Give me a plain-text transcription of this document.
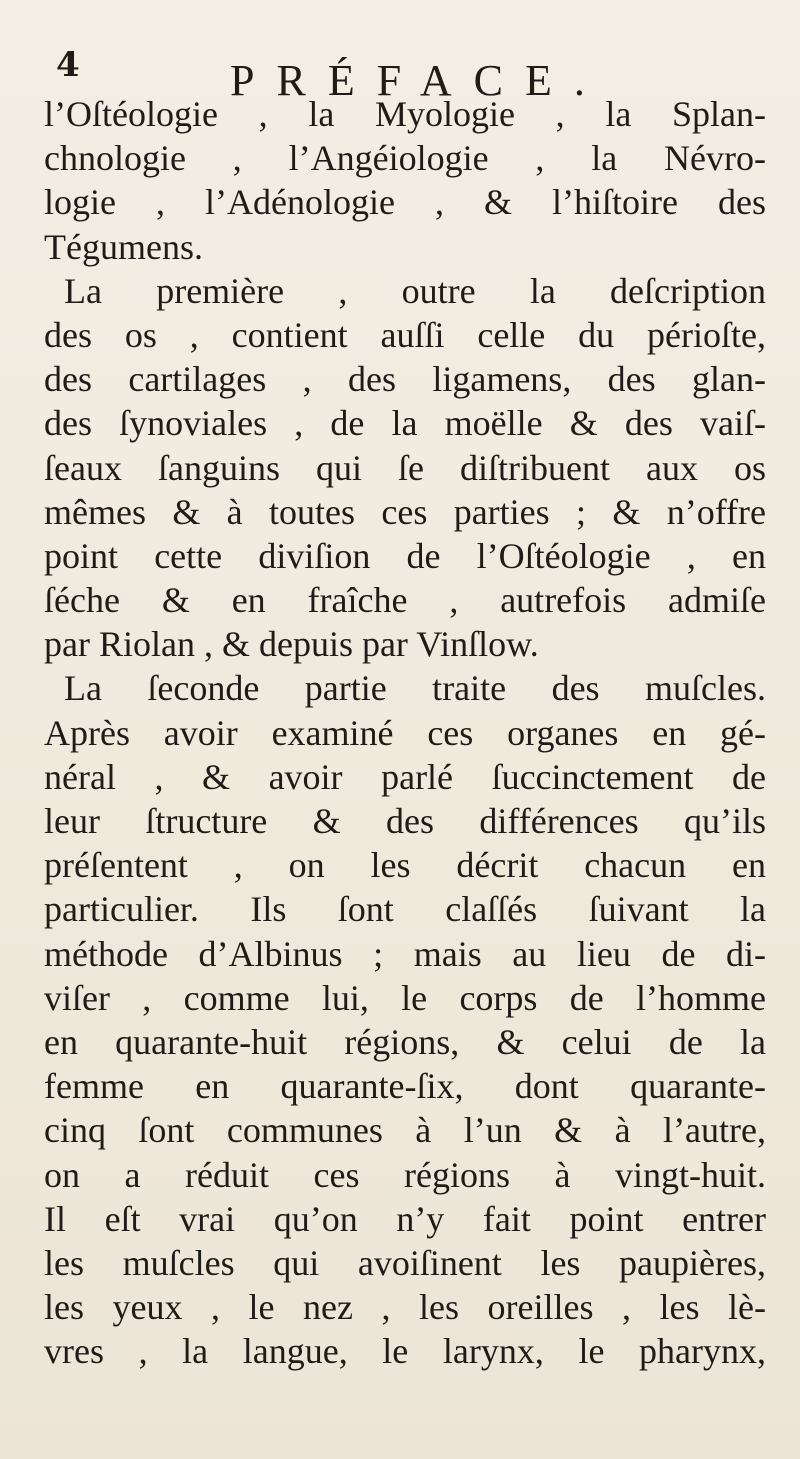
4	PRÉFACE.
l’Oſtéologie , la Myologie , la Splan-
chnologie , l’Angéiologie , la Névro-
logie , l’Adénologie , & l’hiſtoire des
Tégumens.
La première , outre la deſcription
des os , contient auſſi celle du périoſte,
des cartilages , des ligamens, des glan-
des ſynoviales , de la moëlle & des vaiſ-
ſeaux ſanguins qui ſe diſtribuent aux os
mêmes & à toutes ces parties ; & n’offre
point cette diviſion de l’Oſtéologie , en
ſéche & en fraîche , autrefois admiſe
par Riolan , & depuis par Vinſlow.
La ſeconde partie traite des muſcles.
Après avoir examiné ces organes en gé-
néral , & avoir parlé ſuccinctement de
leur ſtructure & des différences qu’ils
préſentent , on les décrit chacun en
particulier. Ils ſont claſſés ſuivant la
méthode d’Albinus ; mais au lieu de di-
viſer , comme lui, le corps de l’homme
en quarante-huit régions, & celui de la
femme en quarante-ſix, dont quarante-
cinq ſont communes à l’un & à l’autre,
on a réduit ces régions à vingt-huit.
Il eſt vrai qu’on n’y fait point entrer
les muſcles qui avoiſinent les paupières,
les yeux , le nez , les oreilles , les lè-
vres , la langue, le larynx, le pharynx,
